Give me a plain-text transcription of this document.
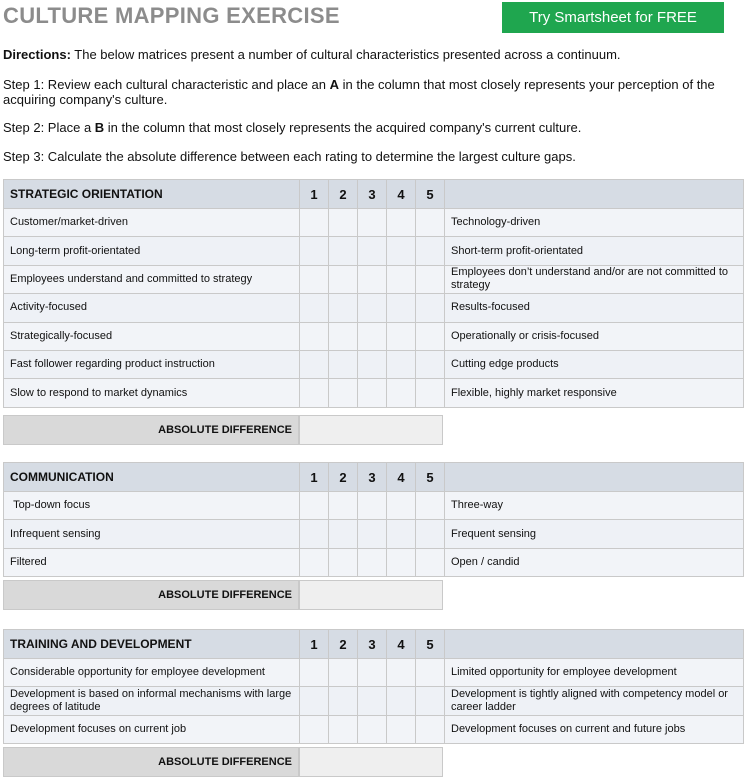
CULTURE MAPPING EXERCISE	Try Smartsheet for FREE
Directions: The below matrices present a number of cultural characteristics presented across a continuum.
Step 1: Review each cultural characteristic and place an A in the column that most closely represents your perception of the acquiring company's culture.
Step 2: Place a B in the column that most closely represents the acquired company's current culture.
Step 3: Calculate the absolute difference between each rating to determine the largest culture gaps.
STRATEGIC ORIENTATION	1	2	3	4	5	
Customer/market-driven						Technology-driven
Long-term profit-orientated						Short-term profit-orientated
Employees understand and committed to strategy						Employees don’t understand and/or are not committed to strategy
Activity-focused						Results-focused
Strategically-focused						Operationally or crisis-focused
Fast follower regarding product instruction						Cutting edge products
Slow to respond to market dynamics						Flexible, highly market responsive
ABSOLUTE DIFFERENCE
COMMUNICATION	1	2	3	4	5	
Top-down focus						Three-way
Infrequent sensing						Frequent sensing
Filtered						Open / candid
ABSOLUTE DIFFERENCE
TRAINING AND DEVELOPMENT	1	2	3	4	5	
Considerable opportunity for employee development						Limited opportunity for employee development
Development is based on informal mechanisms with large degrees of latitude						Development is tightly aligned with competency model or career ladder
Development focuses on current job						Development focuses on current and future jobs
ABSOLUTE DIFFERENCE
